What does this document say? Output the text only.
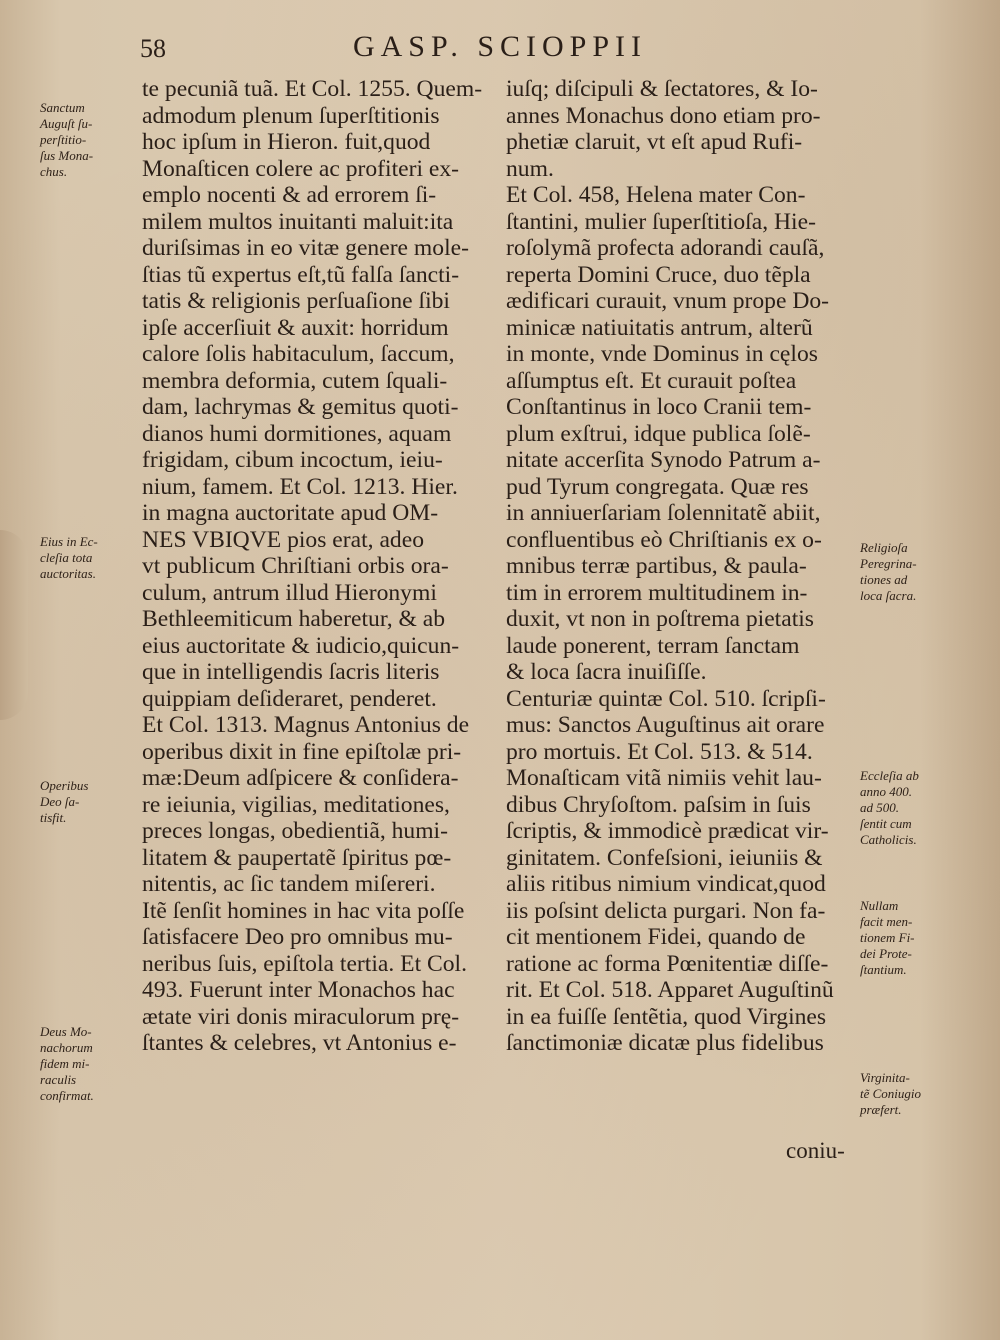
58	GASP. SCIOPPII
te pecuniã tuã. Et Col. 1255. Quem-
admodum plenum ſuperſtitionis
hoc ipſum in Hieron. fuit,quod
Monaſticen colere ac profiteri ex-
emplo nocenti & ad errorem ſi-
milem multos inuitanti maluit:ita
duriſsimas in eo vitæ genere mole-
ſtias tũ expertus eſt,tũ falſa ſancti-
tatis & religionis perſuaſione ſibi
ipſe accerſiuit & auxit: horridum
calore ſolis habitaculum, ſaccum,
membra deformia, cutem ſquali-
dam, lachrymas & gemitus quoti-
dianos humi dormitiones, aquam
frigidam, cibum incoctum, ieiu-
nium, famem. Et Col. 1213. Hier.
in magna auctoritate apud OM-
NES VBIQVE pios erat, adeo
vt publicum Chriſtiani orbis ora-
culum, antrum illud Hieronymi
Bethleemiticum haberetur, & ab
eius auctoritate & iudicio,quicun-
que in intelligendis ſacris literis
quippiam deſideraret, penderet.
Et Col. 1313. Magnus Antonius de
operibus dixit in fine epiſtolæ pri-
mæ:Deum adſpicere & conſidera-
re ieiunia, vigilias, meditationes,
preces longas, obedientiã, humi-
litatem & paupertatẽ ſpiritus pœ-
nitentis, ac ſic tandem miſereri.
Itẽ ſenſit homines in hac vita poſſe
ſatisfacere Deo pro omnibus mu-
neribus ſuis, epiſtola tertia. Et Col.
493. Fuerunt inter Monachos hac
ætate viri donis miraculorum prę-
ſtantes & celebres, vt Antonius e-
iuſq; diſcipuli & ſectatores, & Io-
annes Monachus dono etiam pro-
phetiæ claruit, vt eſt apud Rufi-
num.
Et Col. 458, Helena mater Con-
ſtantini, mulier ſuperſtitioſa, Hie-
roſolymã profecta adorandi cauſã,
reperta Domini Cruce, duo tẽpla
ædificari curauit, vnum prope Do-
minicæ natiuitatis antrum, alterũ
in monte, vnde Dominus in cęlos
aſſumptus eſt. Et curauit poſtea
Conſtantinus in loco Cranii tem-
plum exſtrui, idque publica ſolẽ-
nitate accerſita Synodo Patrum a-
pud Tyrum congregata. Quæ res
in anniuerſariam ſolennitatẽ abiit,
confluentibus eò Chriſtianis ex o-
mnibus terræ partibus, & paula-
tim in errorem multitudinem in-
duxit, vt non in poſtrema pietatis
laude ponerent, terram ſanctam
& loca ſacra inuiſiſſe.
Centuriæ quintæ Col. 510. ſcripſi-
mus: Sanctos Auguſtinus ait orare
pro mortuis. Et Col. 513. & 514.
Monaſticam vitã nimiis vehit lau-
dibus Chryſoſtom. paſsim in ſuis
ſcriptis, & immodicè prædicat vir-
ginitatem. Confeſsioni, ieiuniis &
aliis ritibus nimium vindicat,quod
iis poſsint delicta purgari. Non fa-
cit mentionem Fidei, quando de
ratione ac forma Pœnitentiæ diſſe-
rit. Et Col. 518. Apparet Auguſtinũ
in ea fuiſſe ſentẽtia, quod Virgines
ſanctimoniæ dicatæ plus fidelibus
Sanctum
Auguſt ſu-
perſtitio-
ſus Mona-
chus.
Eius in Ec-
cleſia tota
auctoritas.
Operibus
Deo ſa-
tisfit.
Deus Mo-
nachorum
fidem mi-
raculis
confirmat.
Religioſa
Peregrina-
tiones ad
loca ſacra.
Eccleſia ab
anno 400.
ad 500.
ſentit cum
Catholicis.
Nullam
facit men-
tionem Fi-
dei Prote-
ſtantium.
Virginita-
tẽ Coniugio
præfert.
coniu-
